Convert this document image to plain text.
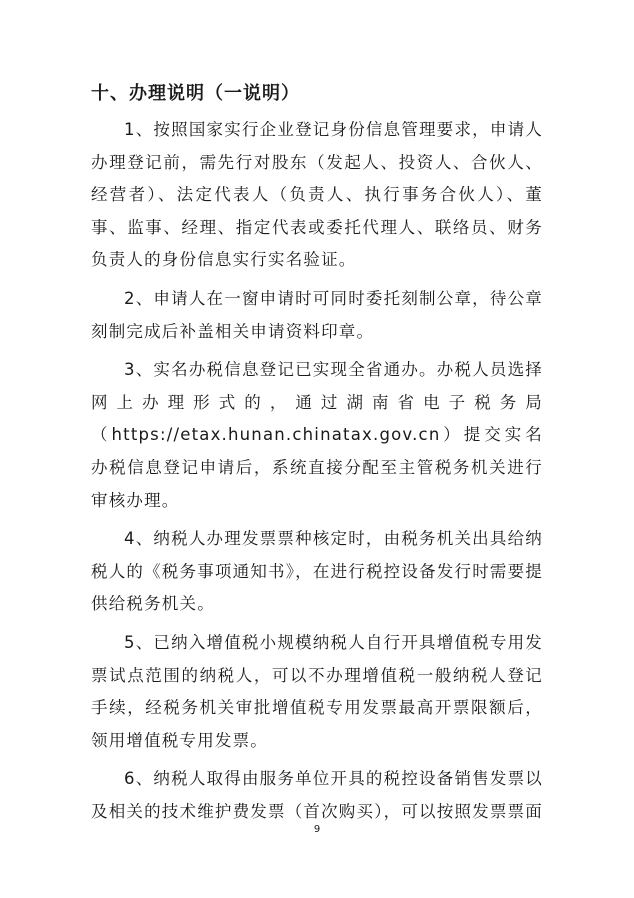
十、办理说明（一说明）

1、按照国家实行企业登记身份信息管理要求，申请人办理登记前，需先行对股东（发起人、投资人、合伙人、经营者）、法定代表人（负责人、执行事务合伙人）、董事、监事、经理、指定代表或委托代理人、联络员、财务负责人的身份信息实行实名验证。

2、申请人在一窗申请时可同时委托刻制公章，待公章刻制完成后补盖相关申请资料印章。

3、实名办税信息登记已实现全省通办。办税人员选择网上办理形式的，通过湖南省电子税务局（https://etax.hunan.chinatax.gov.cn）提交实名办税信息登记申请后，系统直接分配至主管税务机关进行审核办理。

4、纳税人办理发票票种核定时，由税务机关出具给纳税人的《税务事项通知书》，在进行税控设备发行时需要提供给税务机关。

5、已纳入增值税小规模纳税人自行开具增值税专用发票试点范围的纳税人，可以不办理增值税一般纳税人登记手续，经税务机关审批增值税专用发票最高开票限额后，领用增值税专用发票。

6、纳税人取得由服务单位开具的税控设备销售发票以及相关的技术维护费发票（首次购买），可以按照发票票面

9
